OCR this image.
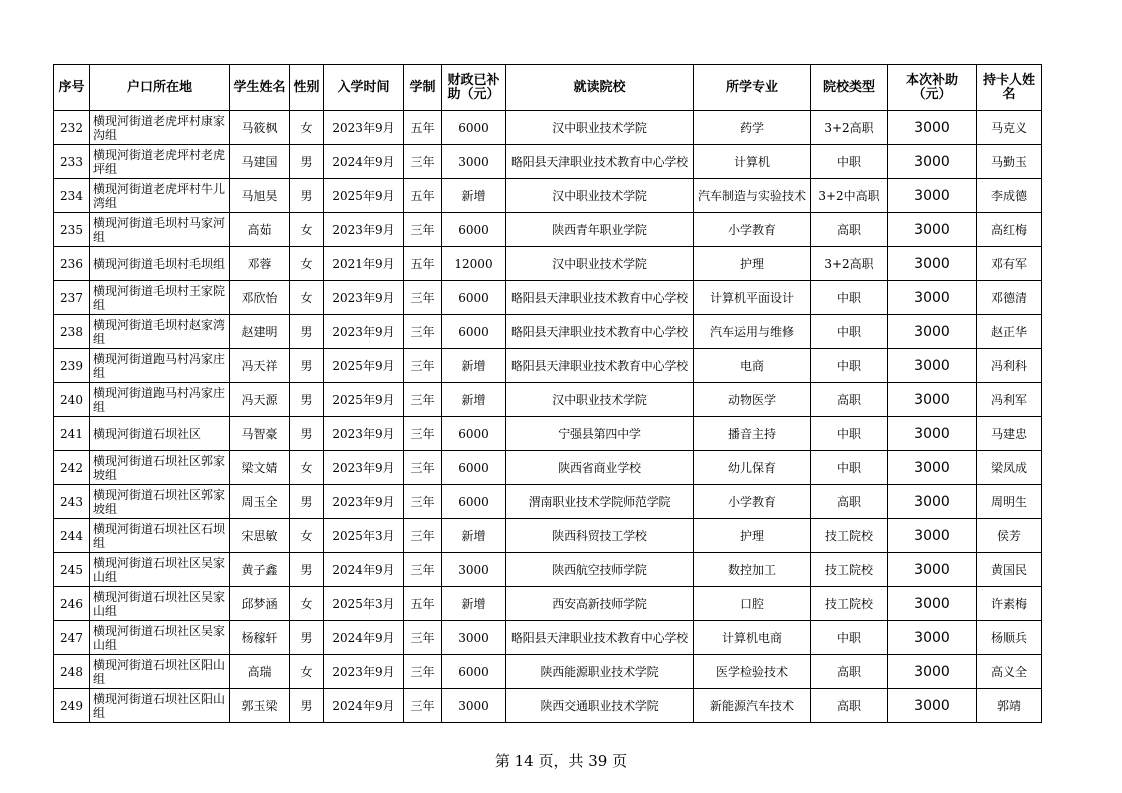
序号	户口所在地	学生姓名	性别	入学时间	学制	财政已补助（元）	就读院校	所学专业	院校类型	本次补助（元）	持卡人姓名
232	横现河街道老虎坪村康家沟组	马筱枫	女	2023年9月	五年	6000	汉中职业技术学院	药学	3+2高职	3000	马克义
233	横现河街道老虎坪村老虎坪组	马建国	男	2024年9月	三年	3000	略阳县天津职业技术教育中心学校	计算机	中职	3000	马勤玉
234	横现河街道老虎坪村牛儿湾组	马旭昊	男	2025年9月	五年	新增	汉中职业技术学院	汽车制造与实验技术	3+2中高职	3000	李成德
235	横现河街道毛坝村马家河组	高茹	女	2023年9月	三年	6000	陕西青年职业学院	小学教育	高职	3000	高红梅
236	横现河街道毛坝村毛坝组	邓蓉	女	2021年9月	五年	12000	汉中职业技术学院	护理	3+2高职	3000	邓有军
237	横现河街道毛坝村王家院组	邓欣怡	女	2023年9月	三年	6000	略阳县天津职业技术教育中心学校	计算机平面设计	中职	3000	邓德清
238	横现河街道毛坝村赵家湾组	赵建明	男	2023年9月	三年	6000	略阳县天津职业技术教育中心学校	汽车运用与维修	中职	3000	赵正华
239	横现河街道跑马村冯家庄组	冯天祥	男	2025年9月	三年	新增	略阳县天津职业技术教育中心学校	电商	中职	3000	冯利科
240	横现河街道跑马村冯家庄组	冯天源	男	2025年9月	三年	新增	汉中职业技术学院	动物医学	高职	3000	冯利军
241	横现河街道石坝社区	马智豪	男	2023年9月	三年	6000	宁强县第四中学	播音主持	中职	3000	马建忠
242	横现河街道石坝社区郭家坡组	梁文婧	女	2023年9月	三年	6000	陕西省商业学校	幼儿保育	中职	3000	梁凤成
243	横现河街道石坝社区郭家坡组	周玉全	男	2023年9月	三年	6000	渭南职业技术学院师范学院	小学教育	高职	3000	周明生
244	横现河街道石坝社区石坝组	宋思敏	女	2025年3月	三年	新增	陕西科贸技工学校	护理	技工院校	3000	侯芳
245	横现河街道石坝社区吴家山组	黄子鑫	男	2024年9月	三年	3000	陕西航空技师学院	数控加工	技工院校	3000	黄国民
246	横现河街道石坝社区吴家山组	邱梦涵	女	2025年3月	五年	新增	西安高新技师学院	口腔	技工院校	3000	许素梅
247	横现河街道石坝社区吴家山组	杨稼轩	男	2024年9月	三年	3000	略阳县天津职业技术教育中心学校	计算机电商	中职	3000	杨顺兵
248	横现河街道石坝社区阳山组	高瑞	女	2023年9月	三年	6000	陕西能源职业技术学院	医学检验技术	高职	3000	高义全
249	横现河街道石坝社区阳山组	郭玉梁	男	2024年9月	三年	3000	陕西交通职业技术学院	新能源汽车技术	高职	3000	郭靖
第 14 页，共 39 页
